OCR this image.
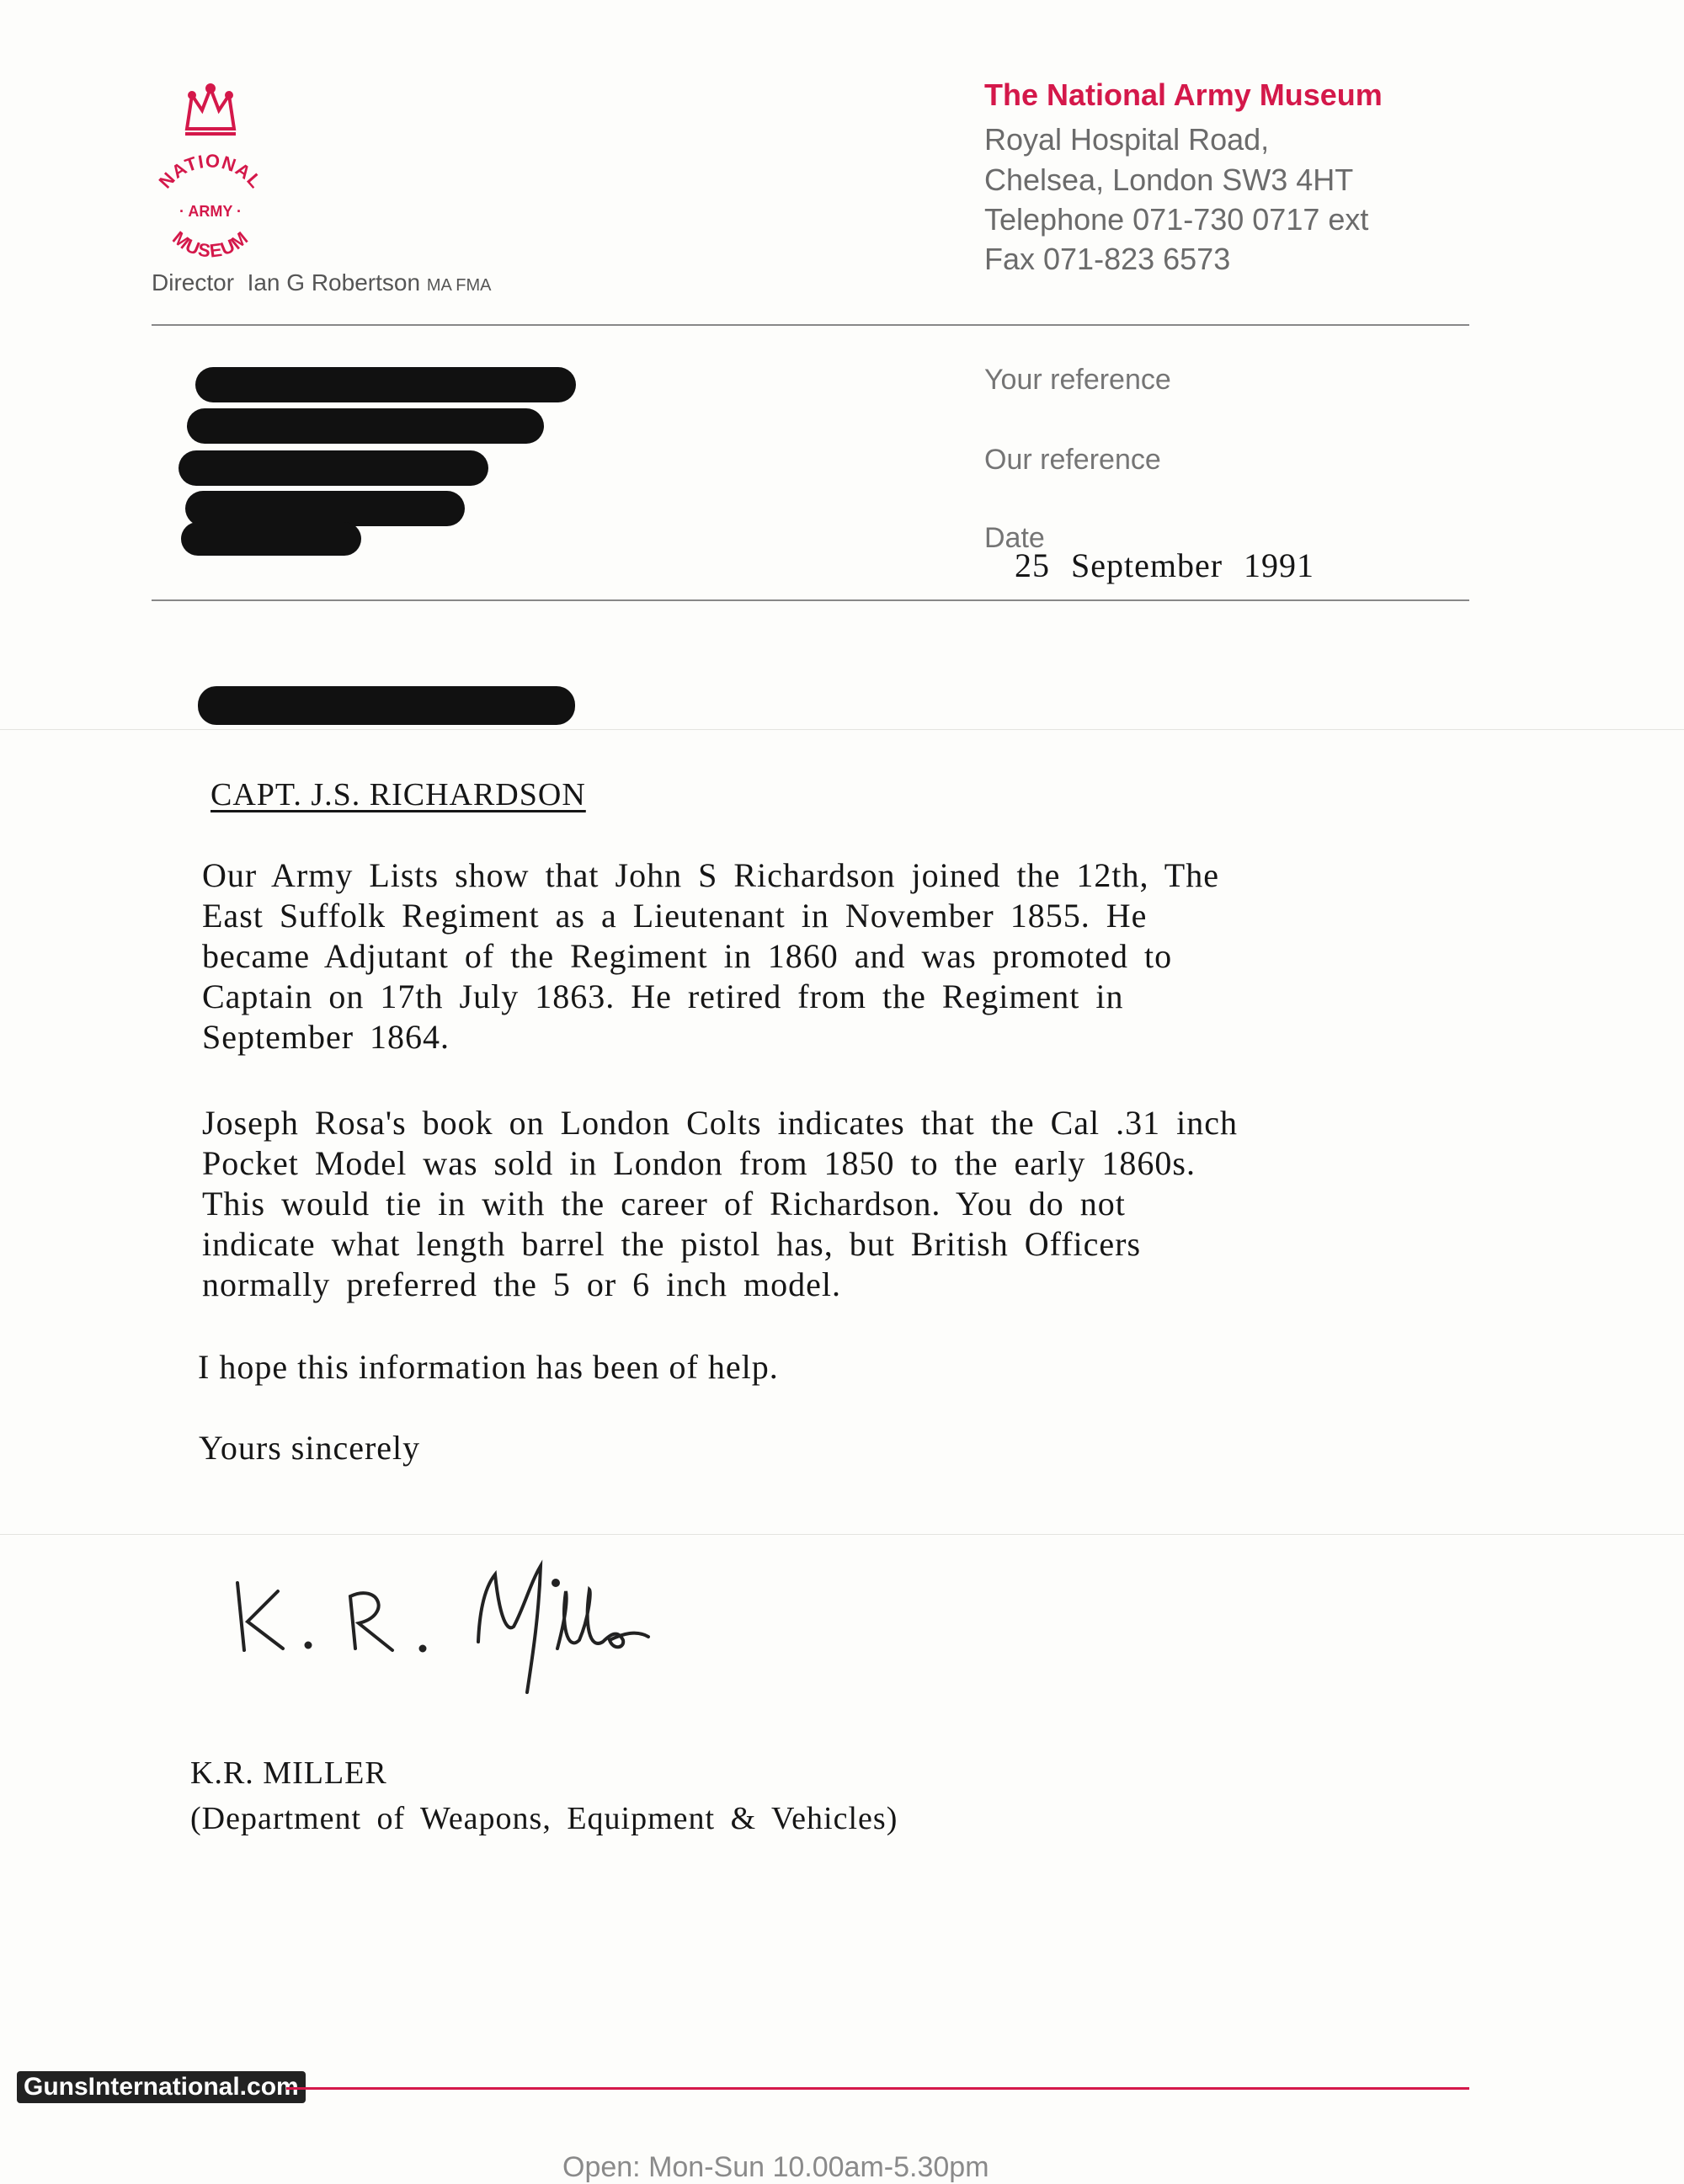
NATIONAL
· ARMY ·
MUSEUM
The National Army Museum
Royal Hospital Road,
Chelsea, London SW3 4HT
Telephone 071-730 0717 ext
Fax 071-823 6573
Director Ian G Robertson MA FMA
Your reference
Our reference
Date
25 September 1991
CAPT. J.S. RICHARDSON
Our Army Lists show that John S Richardson joined the 12th, The
East Suffolk Regiment as a Lieutenant in November 1855. He
became Adjutant of the Regiment in 1860 and was promoted to
Captain on 17th July 1863. He retired from the Regiment in
September 1864.
Joseph Rosa's book on London Colts indicates that the Cal .31 inch
Pocket Model was sold in London from 1850 to the early 1860s.
This would tie in with the career of Richardson. You do not
indicate what length barrel the pistol has, but British Officers
normally preferred the 5 or 6 inch model.
I hope this information has been of help.
Yours sincerely
K.R. MILLER
(Department of Weapons, Equipment & Vehicles)
GunsInternational.com
Open: Mon-Sun 10.00am-5.30pm
